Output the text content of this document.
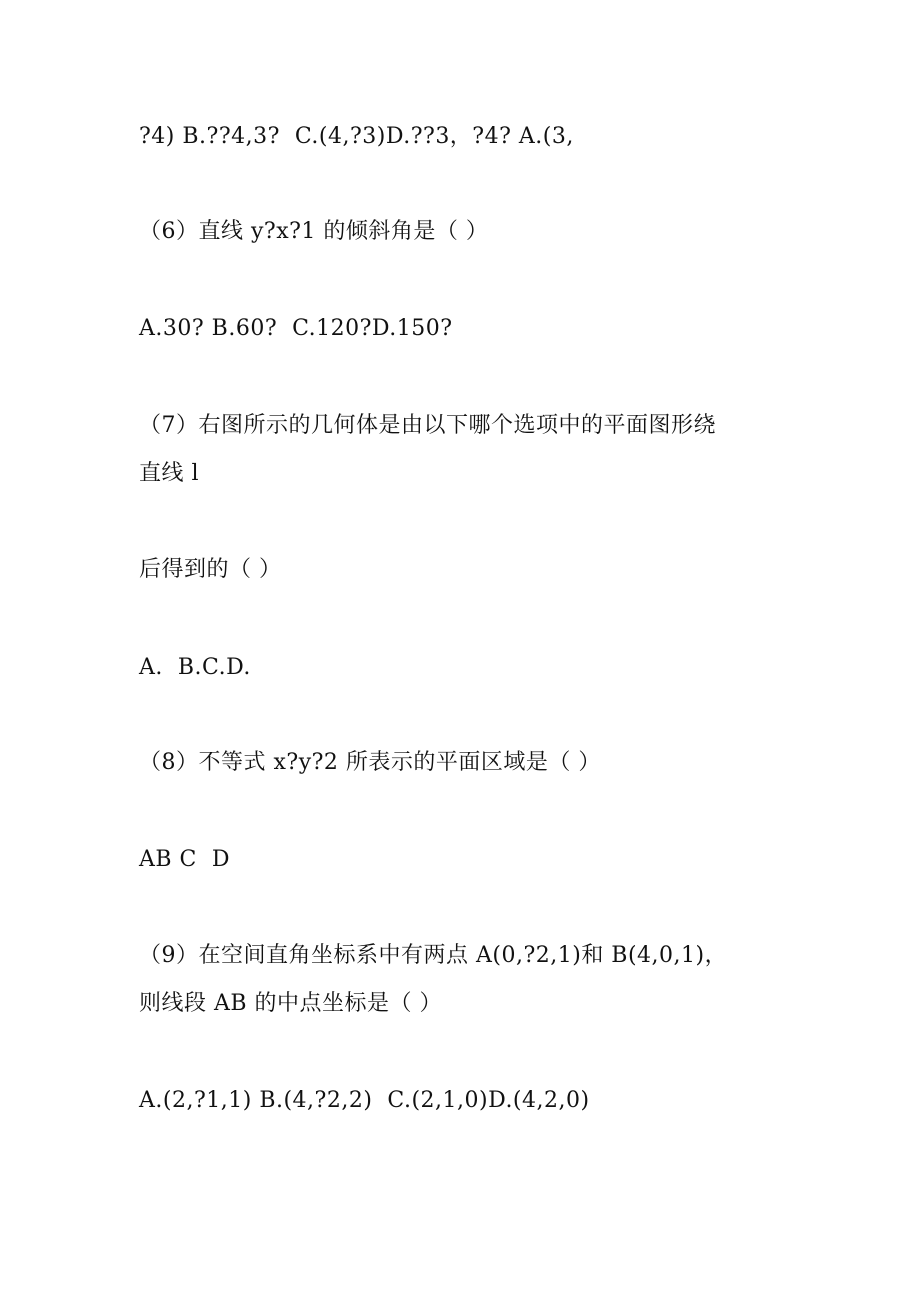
?4) B.??4,3?  C.(4,?3)D.??3，?4? A.(3,
（6）直线 y?x?1 的倾斜角是（ ）
A.30? B.60?  C.120?D.150?
（7）右图所示的几何体是由以下哪个选项中的平面图形绕
直线 l
后得到的（ ）
A.  B.C.D.
（8）不等式 x?y?2 所表示的平面区域是（ ）
AB C  D
（9）在空间直角坐标系中有两点 A(0,?2,1)和 B(4,0,1)，
则线段 AB 的中点坐标是（ ）
A.(2,?1,1) B.(4,?2,2)  C.(2,1,0)D.(4,2,0)
